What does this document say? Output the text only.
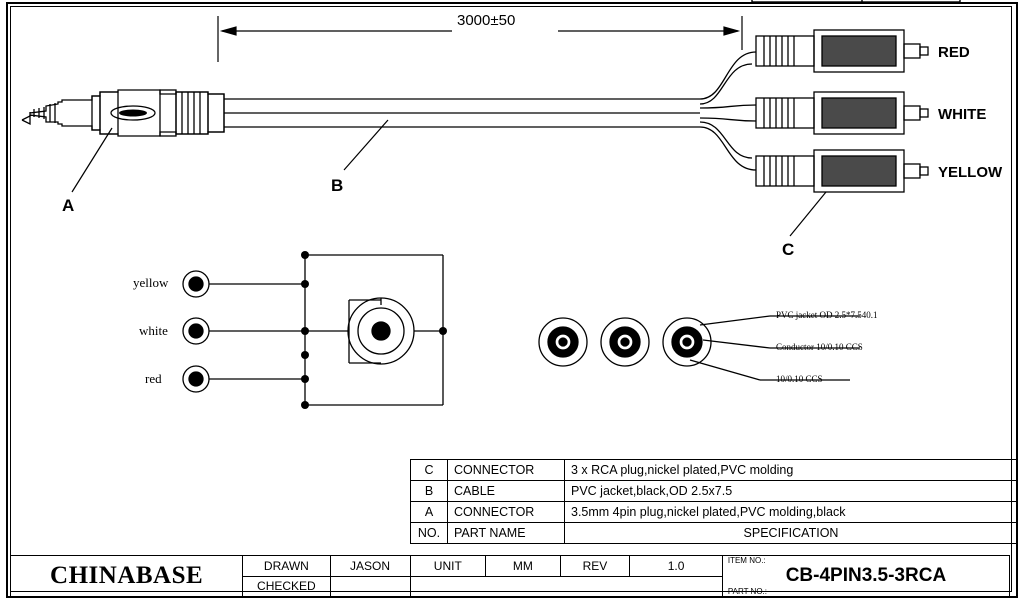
3000±50
A
B
C
RED
WHITE
YELLOW
yellow
white
red
PVC jacket OD 2.5*7.540.1
Conductor 10/0.10 CCS
10/0.10 CCS
C	CONNECTOR	3 x RCA plug,nickel plated,PVC molding
B	CABLE	PVC jacket,black,OD 2.5x7.5
A	CONNECTOR	3.5mm 4pin plug,nickel plated,PVC molding,black
NO.	PART NAME	SPECIFICATION
CHINABASE	DRAWN	JASON	UNIT	MM	REV	1.0	ITEM NO.:
CB-4PIN3.5-3RCA
PART NO.:

	CHECKED						
